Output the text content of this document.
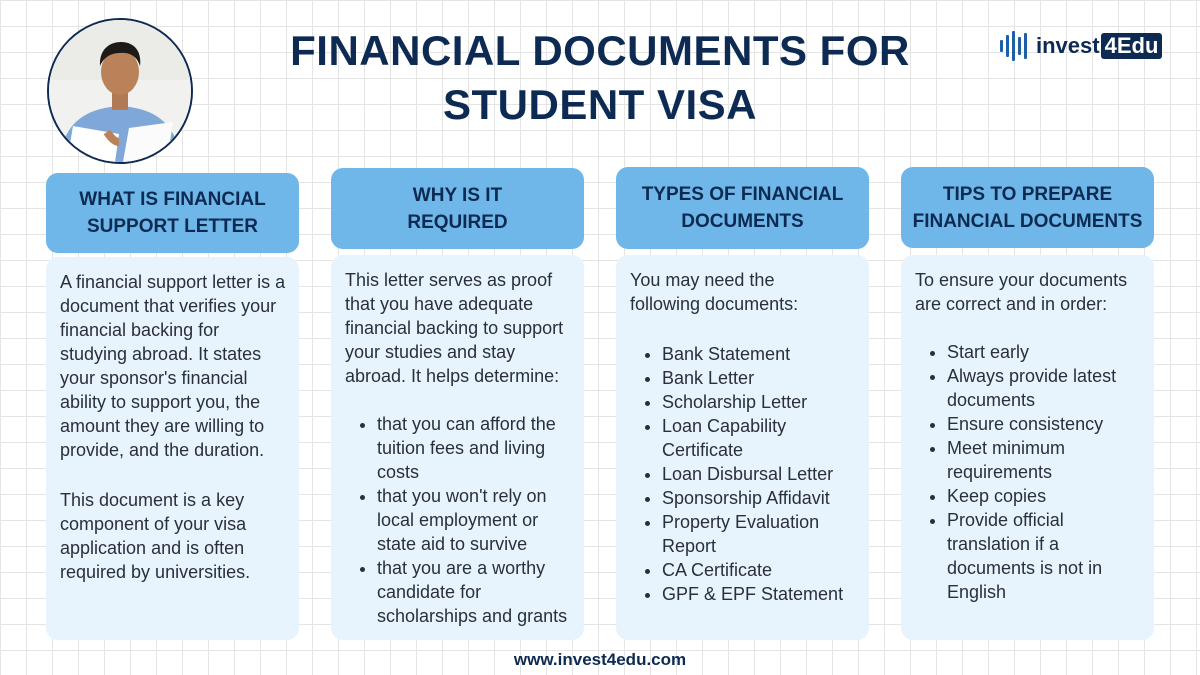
FINANCIAL DOCUMENTS FOR STUDENT VISA
invest 4Edu
WHAT IS FINANCIAL SUPPORT LETTER

A financial support letter is a document that verifies your financial backing for studying abroad. It states your sponsor's financial ability to support you, the amount they are willing to provide, and the duration.

This document is a key component of your visa application and is often required by universities.

WHY IS IT REQUIRED

This letter serves as proof that you have adequate financial backing to support your studies and stay abroad. It helps determine:

• that you can afford the tuition fees and living costs
• that you won't rely on local employment or state aid to survive
• that you are a worthy candidate for scholarships and grants
TYPES OF FINANCIAL DOCUMENTS

You may need the following documents:

• Bank Statement
• Bank Letter
• Scholarship Letter
• Loan Capability Certificate
• Loan Disbursal Letter
• Sponsorship Affidavit
• Property Evaluation Report
• CA Certificate
• GPF & EPF Statement
TIPS TO PREPARE FINANCIAL DOCUMENTS

To ensure your documents are correct and in order:

• Start early
• Always provide latest documents
• Ensure consistency
• Meet minimum requirements
• Keep copies
• Provide official translation if a documents is not in English
www.invest4edu.com
